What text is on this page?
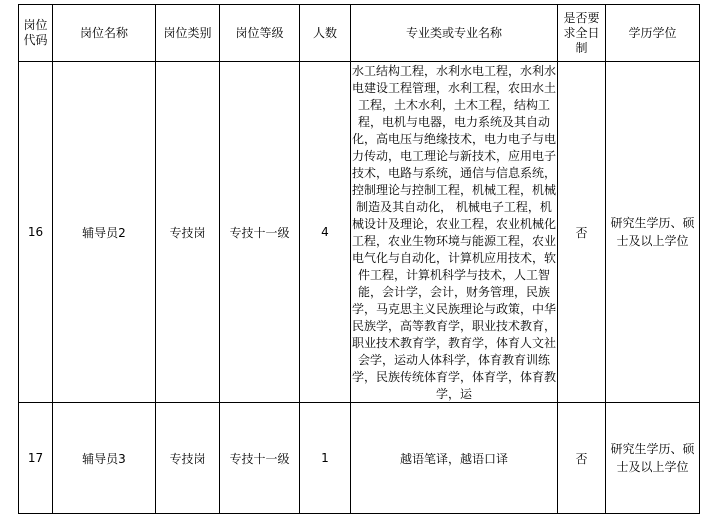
岗位代码	岗位名称	岗位类别	岗位等级	人数	专业类或专业名称	是否要求全日制	学历学位
16	辅导员2	专技岗	专技十一级	4	水工结构工程，水利水电工程，水利水电建设工程管理，水利工程，农田水土工程，土木水利，土木工程，结构工程，电机与电器，电力系统及其自动化，高电压与绝缘技术，电力电子与电力传动，电工理论与新技术，应用电子技术，电路与系统，通信与信息系统，控制理论与控制工程，机械工程，机械制造及其自动化， 机械电子工程，机械设计及理论，农业工程，农业机械化工程，农业生物环境与能源工程，农业电气化与自动化，计算机应用技术，软件工程，计算机科学与技术，人工智能，会计学，会计，财务管理，民族学，马克思主义民族理论与政策，中华民族学，高等教育学，职业技术教育，职业技术教育学，教育学，体育人文社会学，运动人体科学，体育教育训练学，民族传统体育学，体育学，体育教学，运	否	研究生学历、硕士及以上学位
17	辅导员3	专技岗	专技十一级	1	越语笔译，越语口译	否	研究生学历、硕士及以上学位
